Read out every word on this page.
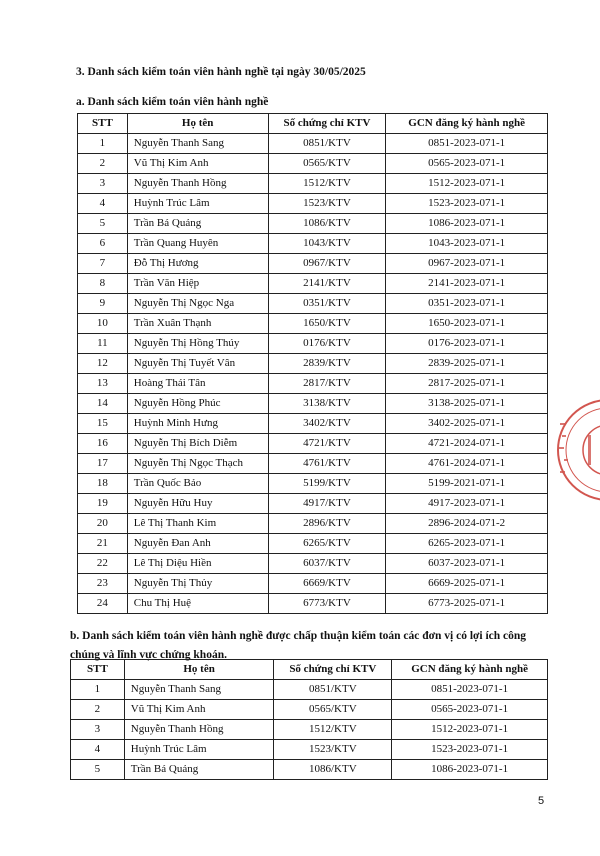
3. Danh sách kiểm toán viên hành nghề tại ngày 30/05/2025
a. Danh sách kiểm toán viên hành nghề
STT	Họ tên	Số chứng chỉ KTV	GCN đăng ký hành nghề
1	Nguyễn Thanh Sang	0851/KTV	0851-2023-071-1
2	Vũ Thị Kim Anh	0565/KTV	0565-2023-071-1
3	Nguyễn Thanh Hồng	1512/KTV	1512-2023-071-1
4	Huỳnh Trúc Lâm	1523/KTV	1523-2023-071-1
5	Trần Bá Quảng	1086/KTV	1086-2023-071-1
6	Trần Quang Huyên	1043/KTV	1043-2023-071-1
7	Đỗ Thị Hương	0967/KTV	0967-2023-071-1
8	Trần Văn Hiệp	2141/KTV	2141-2023-071-1
9	Nguyễn Thị Ngọc Nga	0351/KTV	0351-2023-071-1
10	Trần Xuân Thạnh	1650/KTV	1650-2023-071-1
11	Nguyễn Thị Hồng Thúy	0176/KTV	0176-2023-071-1
12	Nguyễn Thị Tuyết Vân	2839/KTV	2839-2025-071-1
13	Hoàng Thái Tân	2817/KTV	2817-2025-071-1
14	Nguyễn Hồng Phúc	3138/KTV	3138-2025-071-1
15	Huỳnh Minh Hưng	3402/KTV	3402-2025-071-1
16	Nguyễn Thị Bích Diễm	4721/KTV	4721-2024-071-1
17	Nguyễn Thị Ngọc Thạch	4761/KTV	4761-2024-071-1
18	Trần Quốc Bảo	5199/KTV	5199-2021-071-1
19	Nguyễn Hữu Huy	4917/KTV	4917-2023-071-1
20	Lê Thị Thanh Kim	2896/KTV	2896-2024-071-2
21	Nguyễn Đan Anh	6265/KTV	6265-2023-071-1
22	Lê Thị Diệu Hiền	6037/KTV	6037-2023-071-1
23	Nguyễn Thị Thủy	6669/KTV	6669-2025-071-1
24	Chu Thị Huệ	6773/KTV	6773-2025-071-1
b. Danh sách kiểm toán viên hành nghề được chấp thuận kiểm toán các đơn vị có lợi ích công chúng và lĩnh vực chứng khoán.
STT	Họ tên	Số chứng chỉ KTV	GCN đăng ký hành nghề
1	Nguyễn Thanh Sang	0851/KTV	0851-2023-071-1
2	Vũ Thị Kim Anh	0565/KTV	0565-2023-071-1
3	Nguyễn Thanh Hồng	1512/KTV	1512-2023-071-1
4	Huỳnh Trúc Lâm	1523/KTV	1523-2023-071-1
5	Trần Bá Quảng	1086/KTV	1086-2023-071-1
5
